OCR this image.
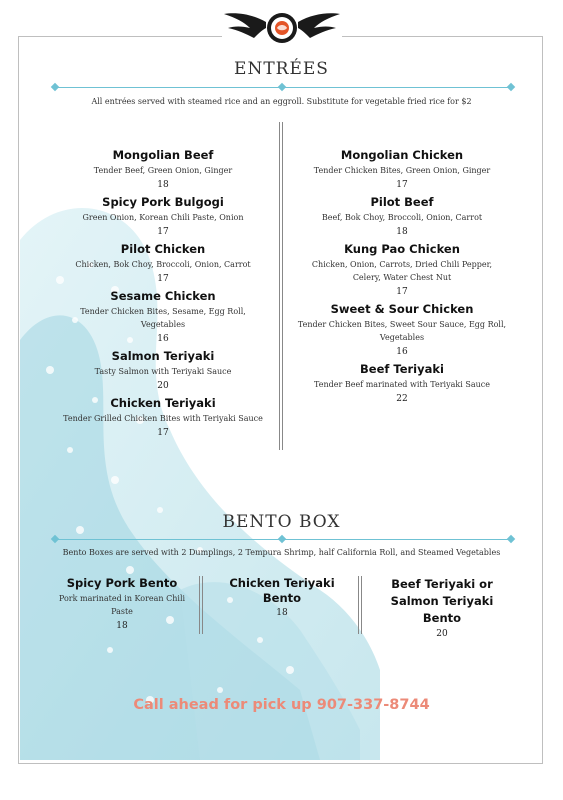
ENTRÉES
All entrées served with steamed rice and an eggroll. Substitute for vegetable fried rice for $2
Mongolian Beef
Tender Beef, Green Onion, Ginger
18
Spicy Pork Bulgogi
Green Onion, Korean Chili Paste, Onion
17
Pilot Chicken
Chicken, Bok Choy, Broccoli, Onion, Carrot
17
Sesame Chicken
Tender Chicken Bites, Sesame, Egg Roll, Vegetables
16
Salmon Teriyaki
Tasty Salmon with Teriyaki Sauce
20
Chicken Teriyaki
Tender Grilled Chicken Bites with Teriyaki Sauce
17
Mongolian Chicken
Tender Chicken Bites, Green Onion, Ginger
17
Pilot Beef
Beef, Bok Choy, Broccoli, Onion, Carrot
18
Kung Pao Chicken
Chicken, Onion, Carrots, Dried Chili Pepper, Celery, Water Chest Nut
17
Sweet & Sour Chicken
Tender Chicken Bites, Sweet Sour Sauce, Egg Roll, Vegetables
16
Beef Teriyaki
Tender Beef marinated with Teriyaki Sauce
22
BENTO BOX
Bento Boxes are served with 2 Dumplings, 2 Tempura Shrimp, half California Roll, and Steamed Vegetables
Spicy Pork Bento
Pork marinated in Korean Chili Paste
18
Chicken Teriyaki Bento
18
Beef Teriyaki or Salmon Teriyaki Bento
20
Call ahead for pick up 907-337-8744
